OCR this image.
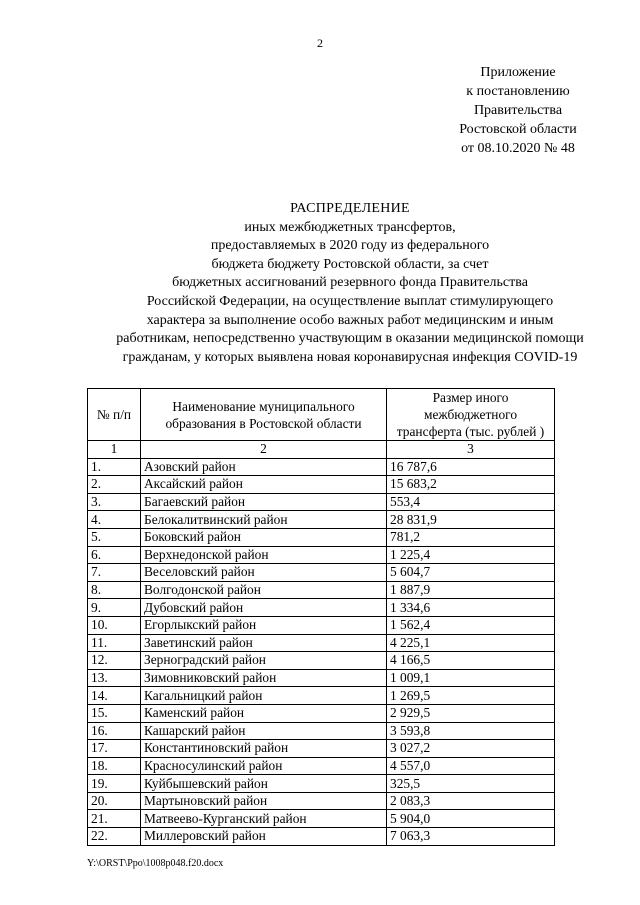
2
Приложение
к постановлению
Правительства
Ростовской области
от 08.10.2020 № 48
РАСПРЕДЕЛЕНИЕ
иных межбюджетных трансфертов,
предоставляемых в 2020 году из федерального
бюджета бюджету Ростовской области, за счет
бюджетных ассигнований резервного фонда Правительства
Российской Федерации, на осуществление выплат стимулирующего
характера за выполнение особо важных работ медицинским и иным
работникам, непосредственно участвующим в оказании медицинской помощи
гражданам, у которых выявлена новая коронавирусная инфекция COVID-19
№ п/п	Наименование муниципального образования в Ростовской области	Размер иного межбюджетного трансферта (тыс. рублей )
1	2	3
1.	Азовский район	16 787,6
2.	Аксайский район	15 683,2
3.	Багаевский район	553,4
4.	Белокалитвинский район	28 831,9
5.	Боковский район	781,2
6.	Верхнедонской район	1 225,4
7.	Веселовский район	5 604,7
8.	Волгодонской район	1 887,9
9.	Дубовский район	1 334,6
10.	Егорлыкский район	1 562,4
11.	Заветинский район	4 225,1
12.	Зерноградский район	4 166,5
13.	Зимовниковский район	1 009,1
14.	Кагальницкий район	1 269,5
15.	Каменский район	2 929,5
16.	Кашарский район	3 593,8
17.	Константиновский район	3 027,2
18.	Красносулинский район	4 557,0
19.	Куйбышевский район	325,5
20.	Мартыновский район	2 083,3
21.	Матвеево-Курганский район	5 904,0
22.	Миллеровский район	7 063,3
Y:\ORST\Ppo\1008p048.f20.docx
